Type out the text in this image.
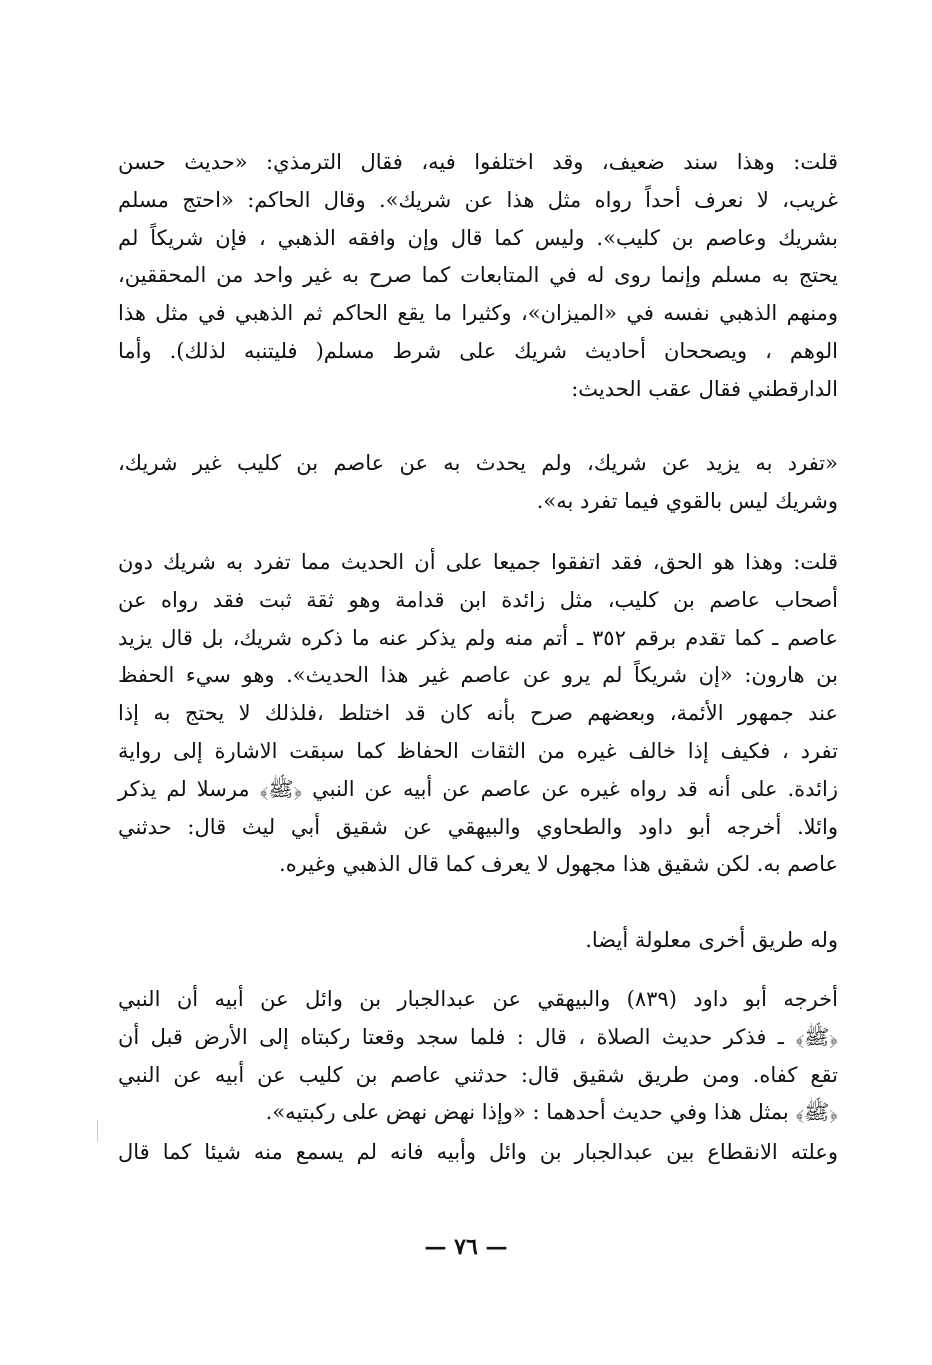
قلت: وهذا سند ضعيف، وقد اختلفوا فيه، فقال الترمذي: «حديث حسن
غريب، لا نعرف أحداً رواه مثل هذا عن شريك». وقال الحاكم: «احتج مسلم
بشريك وعاصم بن كليب». وليس كما قال وإن وافقه الذهبي ، فإن شريكاً لم
يحتج به مسلم وإنما روى له في المتابعات كما صرح به غير واحد من المحققين،
ومنهم الذهبي نفسه في «الميزان»، وكثيرا ما يقع الحاكم ثم الذهبي في مثل هذا
الوهم ، ويصححان أحاديث شريك على شرط مسلم( فليتنبه لذلك). وأما
الدارقطني فقال عقب الحديث:
«تفرد به يزيد عن شريك، ولم يحدث به عن عاصم بن كليب غير شريك،
وشريك ليس بالقوي فيما تفرد به».
قلت: وهذا هو الحق، فقد اتفقوا جميعا على أن الحديث مما تفرد به شريك دون
أصحاب عاصم بن كليب، مثل زائدة ابن قدامة وهو ثقة ثبت فقد رواه عن
عاصم ـ كما تقدم برقم ٣٥٢ ـ أتم منه ولم يذكر عنه ما ذكره شريك، بل قال يزيد
بن هارون: «إن شريكاً لم يرو عن عاصم غير هذا الحديث». وهو سيء الحفظ
عند جمهور الأئمة، وبعضهم صرح بأنه كان قد اختلط ،فلذلك لا يحتج به إذا
تفرد ، فكيف إذا خالف غيره من الثقات الحفاظ كما سبقت الاشارة إلى رواية
زائدة. على أنه قد رواه غيره عن عاصم عن أبيه عن النبي ﴿ﷺ﴾ مرسلا لم يذكر
وائلا. أخرجه أبو داود والطحاوي والبيهقي عن شقيق أبي ليث قال: حدثني
عاصم به. لكن شقيق هذا مجهول لا يعرف كما قال الذهبي وغيره.
وله طريق أخرى معلولة أيضا.
أخرجه أبو داود (٨٣٩) والبيهقي عن عبدالجبار بن وائل عن أبيه أن النبي
﴿ﷺ﴾ ـ فذكر حديث الصلاة ، قال : فلما سجد وقعتا ركبتاه إلى الأرض قبل أن
تقع كفاه. ومن طريق شقيق قال: حدثني عاصم بن كليب عن أبيه عن النبي
﴿ﷺ﴾ بمثل هذا وفي حديث أحدهما : «وإذا نهض نهض على ركبتيه».
وعلته الانقطاع بين عبدالجبار بن وائل وأبيه فانه لم يسمع منه شيئا كما قال
— ٧٦ —
